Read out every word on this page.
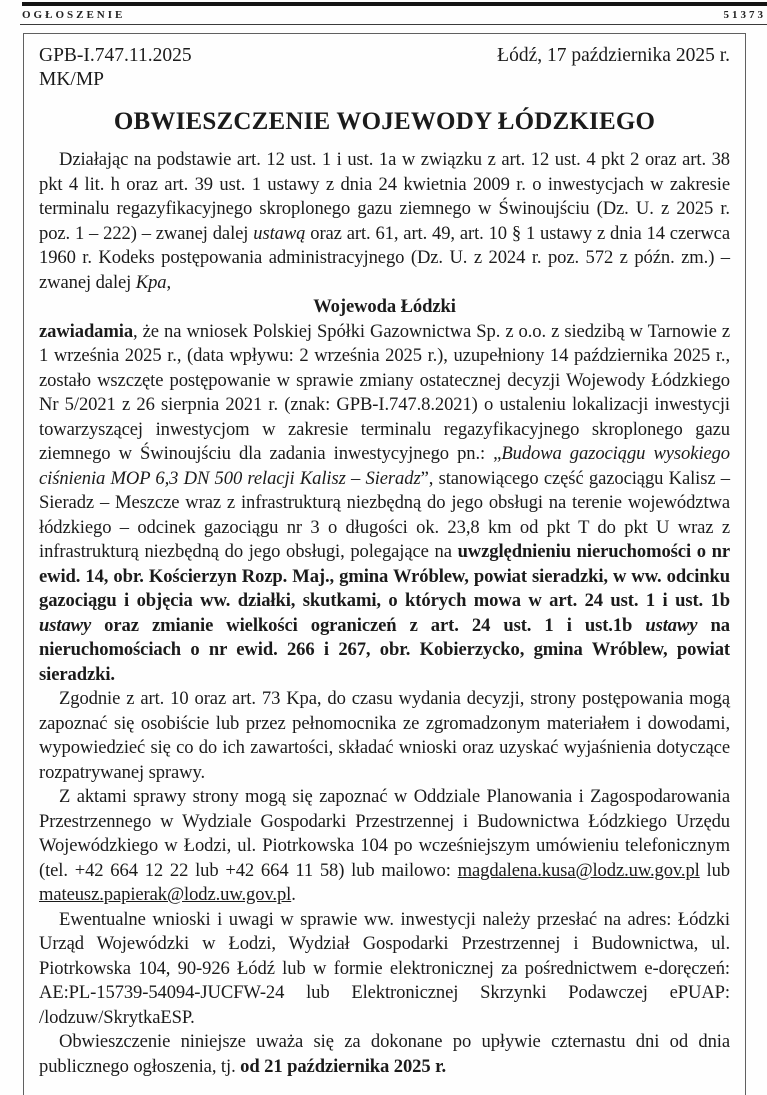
OGŁOSZENIE	51373
GPB-I.747.11.2025
MK/MP
Łódź, 17 października 2025 r.
OBWIESZCZENIE WOJEWODY ŁÓDZKIEGO

Działając na podstawie art. 12 ust. 1 i ust. 1a w związku z art. 12 ust. 4 pkt 2 oraz art. 38 pkt 4 lit. h oraz art. 39 ust. 1 ustawy z dnia 24 kwietnia 2009 r. o inwestycjach w zakresie terminalu regazyfikacyjnego skroplonego gazu ziemnego w Świnoujściu (Dz. U. z 2025 r. poz. 1 – 222) – zwanej dalej ustawą oraz art. 61, art. 49, art. 10 § 1 ustawy z dnia 14 czerwca 1960 r. Kodeks postępowania administracyjnego (Dz. U. z 2024 r. poz. 572 z późn. zm.) – zwanej dalej Kpa,

Wojewoda Łódzki

zawiadamia, że na wniosek Polskiej Spółki Gazownictwa Sp. z o.o. z siedzibą w Tarnowie z 1 września 2025 r., (data wpływu: 2 września 2025 r.), uzupełniony 14 października 2025 r., zostało wszczęte postępowanie w sprawie zmiany ostatecznej decyzji Wojewody Łódzkiego Nr 5/2021 z 26 sierpnia 2021 r. (znak: GPB-I.747.8.2021) o ustaleniu lokalizacji inwestycji towarzyszącej inwestycjom w zakresie terminalu regazyfikacyjnego skroplonego gazu ziemnego w Świnoujściu dla zadania inwestycyjnego pn.: „Budowa gazociągu wysokiego ciśnienia MOP 6,3 DN 500 relacji Kalisz – Sieradz”, stanowiącego część gazociągu Kalisz – Sieradz – Meszcze wraz z infrastrukturą niezbędną do jego obsługi na terenie województwa łódzkiego – odcinek gazociągu nr 3 o długości ok. 23,8 km od pkt T do pkt U wraz z infrastrukturą niezbędną do jego obsługi, polegające na uwzględnieniu nieruchomości o nr ewid. 14, obr. Kościerzyn Rozp. Maj., gmina Wróblew, powiat sieradzki, w ww. odcinku gazociągu i objęcia ww. działki, skutkami, o których mowa w art. 24 ust. 1 i ust. 1b ustawy oraz zmianie wielkości ograniczeń z art. 24 ust. 1 i ust.1b ustawy na nieruchomościach o nr ewid. 266 i 267, obr. Kobierzycko, gmina Wróblew, powiat sieradzki.

Zgodnie z art. 10 oraz art. 73 Kpa, do czasu wydania decyzji, strony postępowania mogą zapoznać się osobiście lub przez pełnomocnika ze zgromadzonym materiałem i dowodami, wypowiedzieć się co do ich zawartości, składać wnioski oraz uzyskać wyjaśnienia dotyczące rozpatrywanej sprawy.

Z aktami sprawy strony mogą się zapoznać w Oddziale Planowania i Zagospodarowania Przestrzennego w Wydziale Gospodarki Przestrzennej i Budownictwa Łódzkiego Urzędu Wojewódzkiego w Łodzi, ul. Piotrkowska 104 po wcześniejszym umówieniu telefonicznym (tel. +42 664 12 22 lub +42 664 11 58) lub mailowo: magdalena.kusa@lodz.uw.gov.pl lub mateusz.papierak@lodz.uw.gov.pl.

Ewentualne wnioski i uwagi w sprawie ww. inwestycji należy przesłać na adres: Łódzki Urząd Wojewódzki w Łodzi, Wydział Gospodarki Przestrzennej i Budownictwa, ul. Piotrkowska 104, 90-926 Łódź lub w formie elektronicznej za pośrednictwem e-doręczeń: AE:PL-15739-54094-JUCFW-24 lub Elektronicznej Skrzynki Podawczej ePUAP: /lodzuw/SkrytkaESP.

Obwieszczenie niniejsze uważa się za dokonane po upływie czternastu dni od dnia publicznego ogłoszenia, tj. od 21 października 2025 r.
